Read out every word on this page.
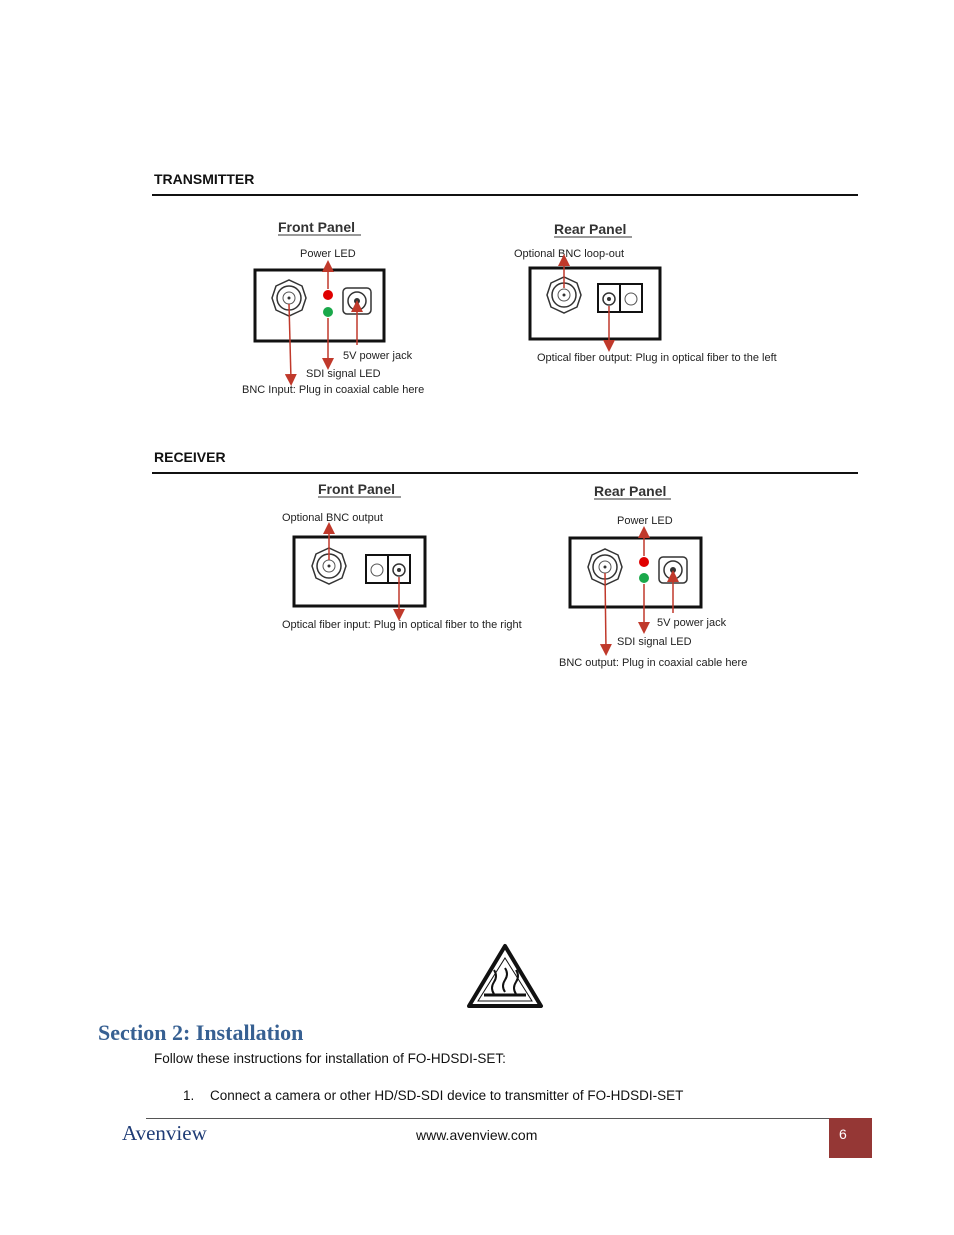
TRANSMITTER
RECEIVER
Front Panel
Power LED
5V power jack
SDI signal LED
BNC Input: Plug in coaxial cable here
Rear Panel
Optional BNC loop-out
Optical fiber output: Plug in optical fiber to the left
Front Panel
Optional BNC output
Optical fiber input: Plug in optical fiber to the right
Rear Panel
Power LED
5V power jack
SDI signal LED
BNC output: Plug in coaxial cable here
Section 2: Installation
Follow these instructions for installation of FO-HDSDI-SET:
1. Connect a camera or other HD/SD-SDI device to transmitter of FO-HDSDI-SET
Avenview	www.avenview.com	6
